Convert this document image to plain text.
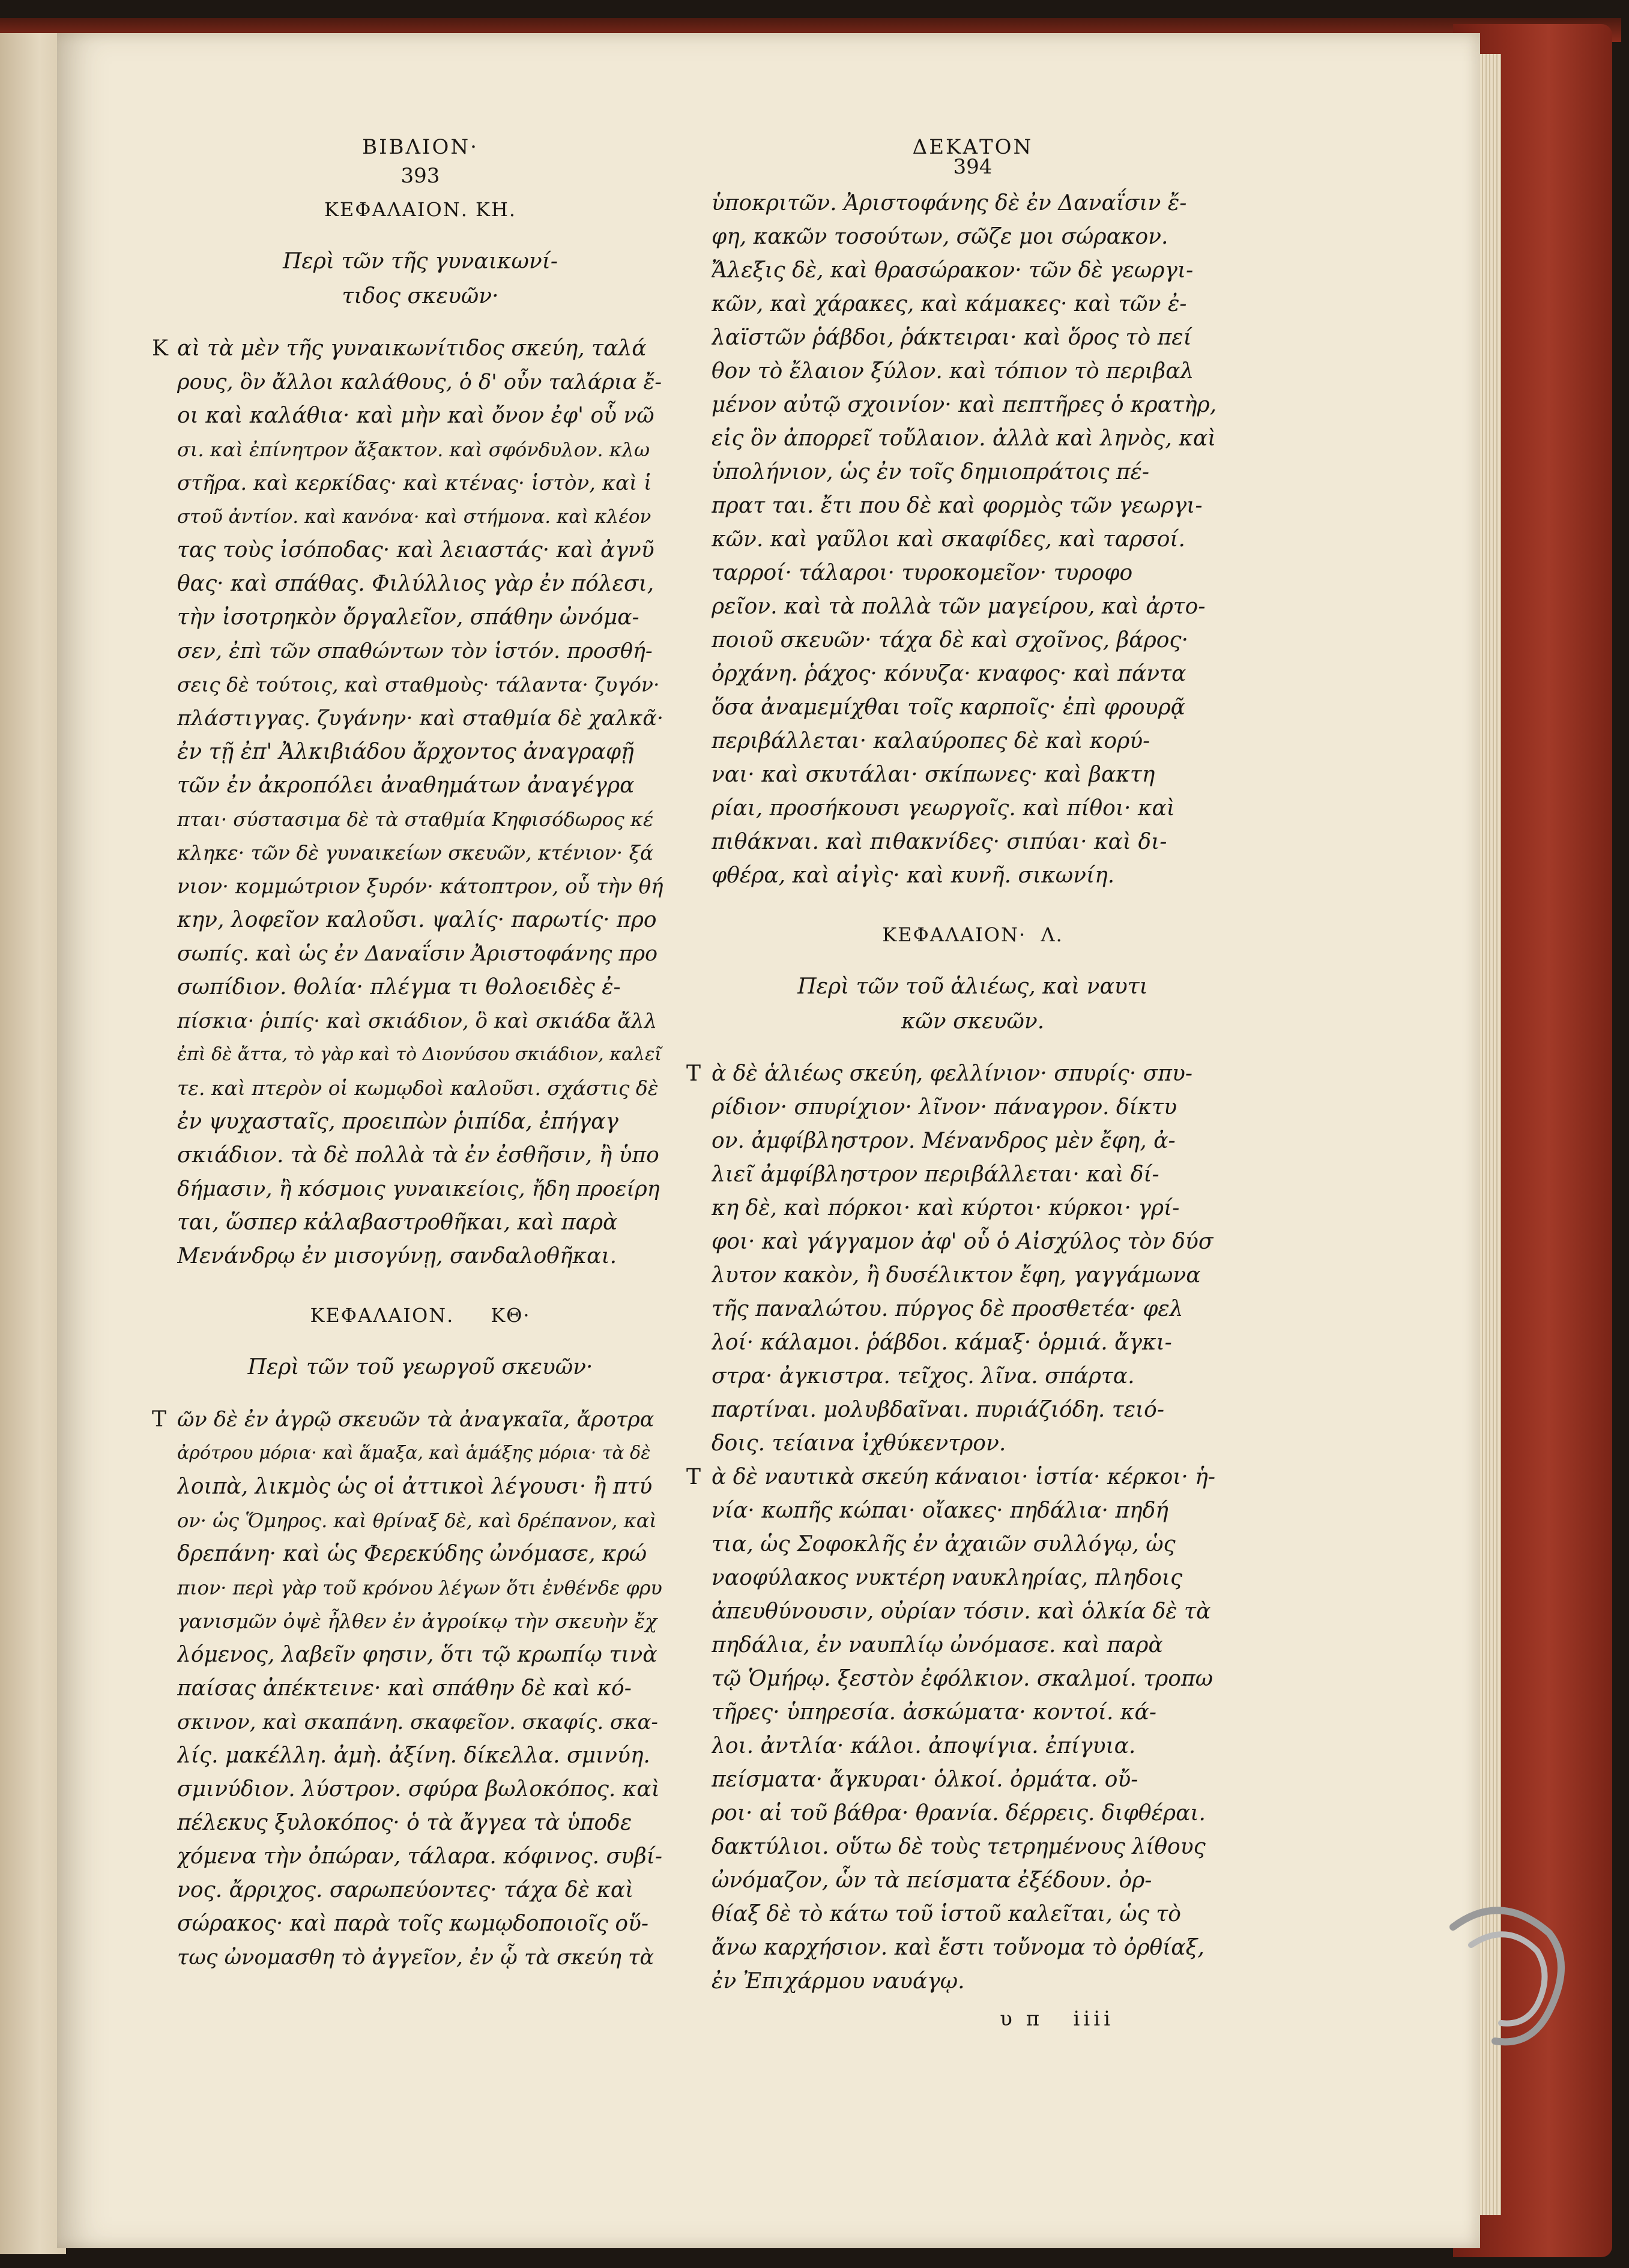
ΒΙΒΛΙΟΝ·
393
ΚΕΦΑΛΑΙΟΝ. ΚΗ.
Περὶ τῶν τῆς γυναικωνί-
τιδος σκευῶν·
Κ αὶ τὰ μὲν τῆς γυναικωνίτιδος σκεύη, ταλά
ρους, ὃν ἄλλοι καλάθους, ὁ δ' οὖν ταλάρια ἔ-
οι καὶ καλάθια· καὶ μὴν καὶ ὄνον ἐφ' οὗ νῶ
σι. καὶ ἐπίνητρον ἄξακτον. καὶ σφόνδυλον. κλω
στῆρα. καὶ κερκίδας· καὶ κτένας· ἱστὸν, καὶ ἱ
στοῦ ἀντίον. καὶ κανόνα· καὶ στήμονα. καὶ κλέον
τας τοὺς ἰσόποδας· καὶ λειαστάς· καὶ ἀγνῦ
θας· καὶ σπάθας. Φιλύλλιος γὰρ ἐν πόλεσι,
τὴν ἰσοτρηκὸν ὄργαλεῖον, σπάθην ὠνόμα-
σεν, ἐπὶ τῶν σπαθώντων τὸν ἱστόν. προσθή-
σεις δὲ τούτοις, καὶ σταθμοὺς· τάλαντα· ζυγόν·
πλάστιγγας. ζυγάνην· καὶ σταθμία δὲ χαλκᾶ·
ἐν τῇ ἐπ' Ἀλκιβιάδου ἄρχοντος ἀναγραφῇ
τῶν ἐν ἀκροπόλει ἀναθημάτων ἀναγέγρα
πται· σύστασιμα δὲ τὰ σταθμία Κηφισόδωρος κέ
κληκε· τῶν δὲ γυναικείων σκευῶν, κτένιον· ξά
νιον· κομμώτριον ξυρόν· κάτοπτρον, οὗ τὴν θή
κην, λοφεῖον καλοῦσι. ψαλίς· παρωτίς· προ
σωπίς. καὶ ὡς ἐν Δαναΐσιν Ἀριστοφάνης προ
σωπίδιον. θολία· πλέγμα τι θολοειδὲς ἐ-
πίσκια· ῥιπίς· καὶ σκιάδιον, ὃ καὶ σκιάδα ἄλλ
ἐπὶ δὲ ἄττα, τὸ γὰρ καὶ τὸ Διονύσου σκιάδιον, καλεῖ
τε. καὶ πτερὸν οἱ κωμῳδοὶ καλοῦσι. σχάστις δὲ
ἐν ψυχασταῖς, προειπὼν ῥιπίδα, ἐπήγαγ
σκιάδιον. τὰ δὲ πολλὰ τὰ ἐν ἐσθῆσιν, ἢ ὑπο
δήμασιν, ἢ κόσμοις γυναικείοις, ἤδη προείρη
ται, ὥσπερ κἀλαβαστροθῆκαι, καὶ παρὰ
Μενάνδρῳ ἐν μισογύνῃ, σανδαλοθῆκαι.
ΚΕΦΑΛΑΙΟΝ.     ΚΘ·
Περὶ τῶν τοῦ γεωργοῦ σκευῶν·
Τ ῶν δὲ ἐν ἀγρῷ σκευῶν τὰ ἀναγκαῖα, ἄροτρα
ἀρότρου μόρια· καὶ ἅμαξα, καὶ ἁμάξης μόρια· τὰ δὲ
λοιπὰ, λικμὸς ὡς οἱ ἀττικοὶ λέγουσι· ἢ πτύ
ον· ὡς Ὅμηρος. καὶ θρίναξ δὲ, καὶ δρέπανον, καὶ
δρεπάνη· καὶ ὡς Φερεκύδης ὠνόμασε, κρώ
πιον· περὶ γὰρ τοῦ κρόνου λέγων ὅτι ἐνθένδε φρυ
γανισμῶν ὀψὲ ἦλθεν ἐν ἀγροίκῳ τὴν σκευὴν ἔχ
λόμενος, λαβεῖν φησιν, ὅτι τῷ κρωπίῳ τινὰ
παίσας ἀπέκτεινε· καὶ σπάθην δὲ καὶ κό-
σκινον, καὶ σκαπάνη. σκαφεῖον. σκαφίς. σκα-
λίς. μακέλλη. ἀμὴ. ἀξίνη. δίκελλα. σμινύη.
σμινύδιον. λύστρον. σφύρα βωλοκόπος. καὶ
πέλεκυς ξυλοκόπος· ὁ τὰ ἄγγεα τὰ ὑποδε
χόμενα τὴν ὀπώραν, τάλαρα. κόφινος. συβί-
νος. ἄρριχος. σαρωπεύοντες· τάχα δὲ καὶ
σώρακος· καὶ παρὰ τοῖς κωμῳδοποιοῖς οὕ-
τως ὠνομασθη τὸ ἀγγεῖον, ἐν ᾧ τὰ σκεύη τὰ
ΔΕΚΑΤΟΝ
394
ὑποκριτῶν. Ἀριστοφάνης δὲ ἐν Δαναΐσιν ἔ-
φη, κακῶν τοσούτων, σῶζε μοι σώρακον.
Ἄλεξις δὲ, καὶ θρασώρακον· τῶν δὲ γεωργι-
κῶν, καὶ χάρακες, καὶ κάμακες· καὶ τῶν ἐ-
λαϊστῶν ῥάβδοι, ῥάκτειραι· καὶ ὅρος τὸ πεί
θον τὸ ἔλαιον ξύλον. καὶ τόπιον τὸ περιβαλ
μένον αὐτῷ σχοινίον· καὶ πεπτῆρες ὁ κρατὴρ,
εἰς ὃν ἀπορρεῖ τοὔλαιον. ἀλλὰ καὶ ληνὸς, καὶ
ὑπολήνιον, ὡς ἐν τοῖς δημιοπράτοις πέ-
πρατ ται. ἔτι που δὲ καὶ φορμὸς τῶν γεωργι-
κῶν. καὶ γαῦλοι καὶ σκαφίδες, καὶ ταρσοί.
ταρροί· τάλαροι· τυροκομεῖον· τυροφο
ρεῖον. καὶ τὰ πολλὰ τῶν μαγείρου, καὶ ἀρτο-
ποιοῦ σκευῶν· τάχα δὲ καὶ σχοῖνος, βάρος·
ὀρχάνη. ῥάχος· κόνυζα· κναφος· καὶ πάντα
ὅσα ἀναμεμίχθαι τοῖς καρποῖς· ἐπὶ φρουρᾷ
περιβάλλεται· καλαύροπες δὲ καὶ κορύ-
ναι· καὶ σκυτάλαι· σκίπωνες· καὶ βακτη
ρίαι, προσήκουσι γεωργοῖς. καὶ πίθοι· καὶ
πιθάκναι. καὶ πιθακνίδες· σιπύαι· καὶ δι-
φθέρα, καὶ αἰγὶς· καὶ κυνῆ. σικωνίη.
ΚΕΦΑΛΑΙΟΝ·  Λ.
Περὶ τῶν τοῦ ἁλιέως, καὶ ναυτι
κῶν σκευῶν.
Τ ὰ δὲ ἁλιέως σκεύη, φελλίνιον· σπυρίς· σπυ-
ρίδιον· σπυρίχιον· λῖνον· πάναγρον. δίκτυ
ον. ἀμφίβληστρον. Μένανδρος μὲν ἔφη, ἀ-
λιεῖ ἀμφίβληστρον περιβάλλεται· καὶ δί-
κη δὲ, καὶ πόρκοι· καὶ κύρτοι· κύρκοι· γρί-
φοι· καὶ γάγγαμον ἀφ' οὗ ὁ Αἰσχύλος τὸν δύσ
λυτον κακὸν, ἢ δυσέλικτον ἔφη, γαγγάμωνα
τῆς παναλώτου. πύργος δὲ προσθετέα· φελ
λοί· κάλαμοι. ῥάβδοι. κάμαξ· ὁρμιά. ἄγκι-
στρα· ἀγκιστρα. τεῖχος. λῖνα. σπάρτα.
παρτίναι. μολυβδαῖναι. πυριάζιόδη. τειό-
δοις. τείαινα ἰχθύκεντρον.
Τ ὰ δὲ ναυτικὰ σκεύη κάναιοι· ἱστία· κέρκοι· ἡ-
νία· κωπῆς κώπαι· οἴακες· πηδάλια· πηδή
τια, ὡς Σοφοκλῆς ἐν ἀχαιῶν συλλόγῳ, ὡς
ναοφύλακος νυκτέρη ναυκληρίας, πληδοις
ἀπευθύνουσιν, οὐρίαν τόσιν. καὶ ὁλκία δὲ τὰ
πηδάλια, ἐν ναυπλίῳ ὠνόμασε. καὶ παρὰ
τῷ Ὁμήρῳ. ξεστὸν ἐφόλκιον. σκαλμοί. τροπω
τῆρες· ὑπηρεσία. ἀσκώματα· κοντοί. κά-
λοι. ἀντλία· κάλοι. ἀποψίγια. ἐπίγυια.
πείσματα· ἄγκυραι· ὁλκοί. ὀρμάτα. οὔ-
ροι· αἱ τοῦ βάθρα· θρανία. δέρρεις. διφθέραι.
δακτύλιοι. οὕτω δὲ τοὺς τετρημένους λίθους
ὠνόμαζον, ὧν τὰ πείσματα ἐξέδουν. ὀρ-
θίαξ δὲ τὸ κάτω τοῦ ἱστοῦ καλεῖται, ὡς τὸ
ἄνω καρχήσιον. καὶ ἔστι τοὔνομα τὸ ὀρθίαξ,
ἐν Ἐπιχάρμου ναυάγῳ.
υ π   iiii
